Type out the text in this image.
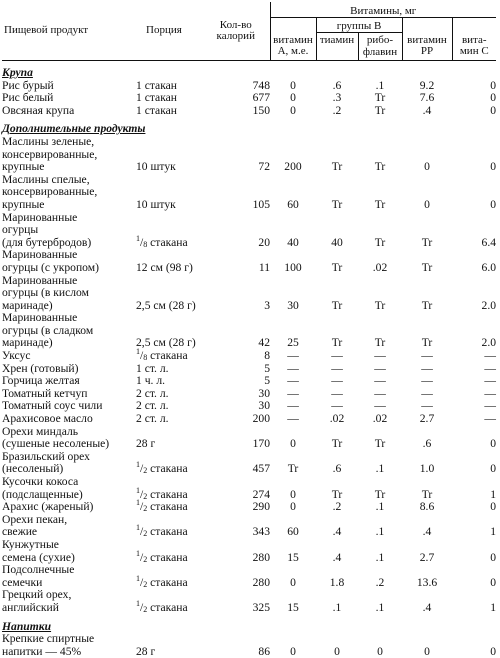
Пищевой продукт	Порция	Кол-во калорий	Витамины, мг				
				группы В			
			витамин А, м.е.	тиамин	рибо- флавин	витамин РР	вита- мин С
Крупа							
Рис бурый	1 стакан	748	0	.6	.1	9.2	0
Рис белый	1 стакан	677	0	.3	Tr	7.6	0
Овсяная крупа	1 стакан	150	0	.2	Tr	.4	0
Дополнительные продукты							
Маслины зеленые,
консервированные,
крупные	10 штук	72	200	Tr	Tr	0	0
Маслины спелые,
консервированные,
крупные	10 штук	105	60	Tr	Tr	0	0
Маринованные
огурцы
(для бутербродов)	$^1/_8$ стакана	20	40	40	Tr	Tr	6.4
Маринованные
огурцы (с укропом)	12 см (98 г)	11	100	Tr	.02	Tr	6.0
Маринованные
огурцы (в кислом
маринаде)	2,5 см (28 г)	3	30	Tr	Tr	Tr	2.0
Маринованные
огурцы (в сладком
маринаде)	2,5 см (28 г)	42	25	Tr	Tr	Tr	2.0
Уксус	$^1/_8$ стакана	8	—	—	—	—	—
Хрен (готовый)	1 ст. л.	5	—	—	—	—	—
Горчица желтая	1 ч. л.	5	—	—	—	—	—
Томатный кетчуп	2 ст. л.	30	—	—	—	—	—
Томатный соус чили	2 ст. л.	30	—	—	—	—	—
Арахисовое масло	2 ст. л.	200	—	.02	.02	2.7	—
Орехи миндаль
(сушеные несоленые)	28 г	170	0	Tr	Tr	.6	0
Бразильский орех
(несоленый)	$^1/_2$ стакана	457	Tr	.6	.1	1.0	0
Кусочки кокоса
(подслащенные)	$^1/_2$ стакана	274	0	Tr	Tr	Tr	1
Арахис (жареный)	$^1/_2$ стакана	290	0	.2	.1	8.6	0
Орехи пекан,
свежие	$^1/_2$ стакана	343	60	.4	.1	.4	1
Кунжутные
семена (сухие)	$^1/_2$ стакана	280	15	.4	.1	2.7	0
Подсолнечные
семечки	$^1/_2$ стакана	280	0	1.8	.2	13.6	0
Грецкий орех,
английский	$^1/_2$ стакана	325	15	.1	.1	.4	1
Напитки							
Крепкие спиртные
напитки — 45%	28 г	86	0	0	0	0	0
